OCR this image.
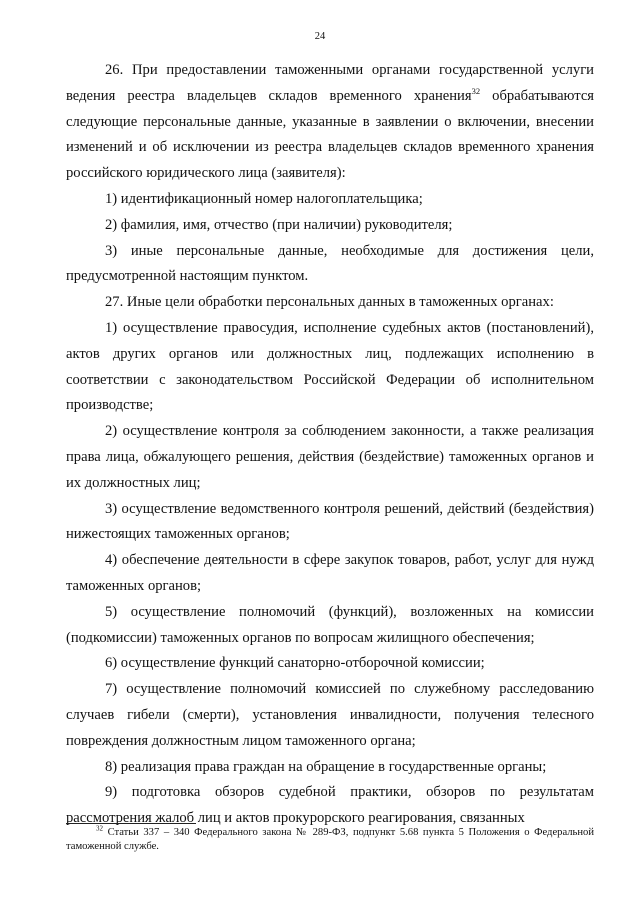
24

26. При предоставлении таможенными органами государственной услуги ведения реестра владельцев складов временного хранения$^{32}$ обрабатываются следующие персональные данные, указанные в заявлении о включении, внесении изменений и об исключении из реестра владельцев складов временного хранения российского юридического лица (заявителя):

1) идентификационный номер налогоплательщика;

2) фамилия, имя, отчество (при наличии) руководителя;

3) иные персональные данные, необходимые для достижения цели, предусмотренной настоящим пунктом.

27. Иные цели обработки персональных данных в таможенных органах:

1) осуществление правосудия, исполнение судебных актов (постановлений), актов других органов или должностных лиц, подлежащих исполнению в соответствии с законодательством Российской Федерации об исполнительном производстве;

2) осуществление контроля за соблюдением законности, а также реализация права лица, обжалующего решения, действия (бездействие) таможенных органов и их должностных лиц;

3) осуществление ведомственного контроля решений, действий (бездействия) нижестоящих таможенных органов;

4) обеспечение деятельности в сфере закупок товаров, работ, услуг для нужд таможенных органов;

5) осуществление полномочий (функций), возложенных на комиссии (подкомиссии) таможенных органов по вопросам жилищного обеспечения;

6) осуществление функций санаторно-отборочной комиссии;

7) осуществление полномочий комиссией по служебному расследованию случаев гибели (смерти), установления инвалидности, получения телесного повреждения должностным лицом таможенного органа;

8) реализация права граждан на обращение в государственные органы;

9) подготовка обзоров судебной практики, обзоров по результатам рассмотрения жалоб лиц и актов прокурорского реагирования, связанных

$^{32}$ Статьи 337 – 340 Федерального закона № 289-ФЗ, подпункт 5.68 пункта 5 Положения о Федеральной таможенной службе.
